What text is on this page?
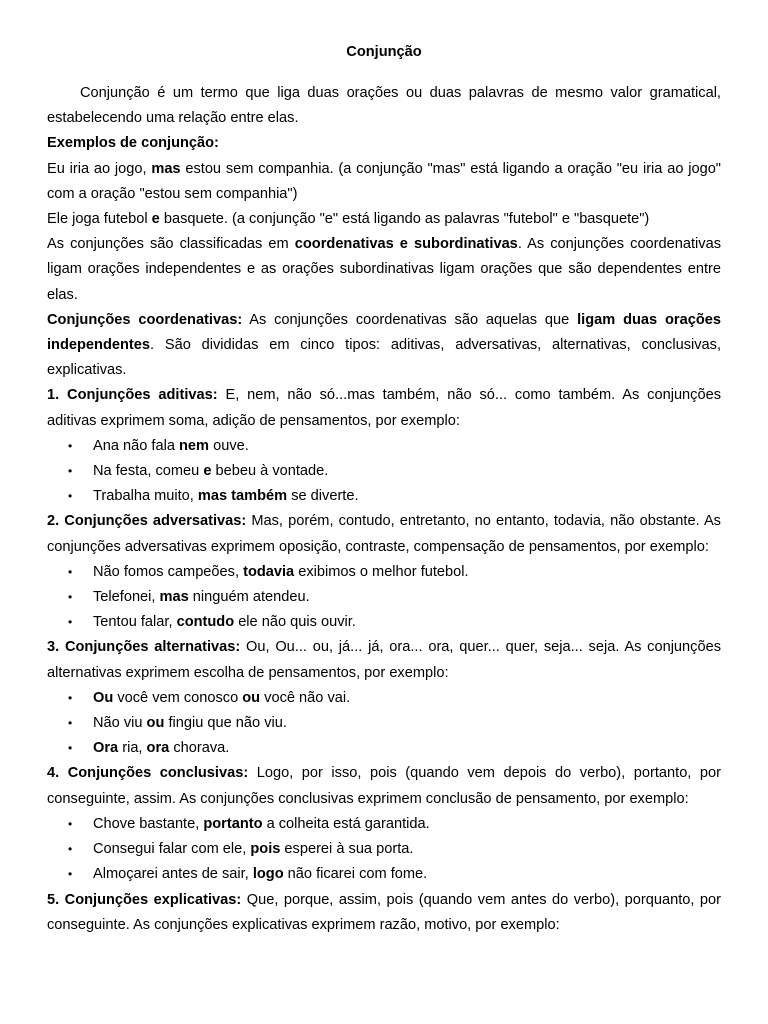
Conjunção

Conjunção é um termo que liga duas orações ou duas palavras de mesmo valor gramatical, estabelecendo uma relação entre elas.

Exemplos de conjunção:

Eu iria ao jogo, mas estou sem companhia. (a conjunção "mas" está ligando a oração "eu iria ao jogo" com a oração "estou sem companhia")

Ele joga futebol e basquete. (a conjunção "e" está ligando as palavras "futebol" e "basquete")

As conjunções são classificadas em coordenativas e subordinativas. As conjunções coordenativas ligam orações independentes e as orações subordinativas ligam orações que são dependentes entre elas.

Conjunções coordenativas: As conjunções coordenativas são aquelas que ligam duas orações independentes. São divididas em cinco tipos: aditivas, adversativas, alternativas, conclusivas, explicativas.

1. Conjunções aditivas: E, nem, não só...mas também, não só... como também. As conjunções aditivas exprimem soma, adição de pensamentos, por exemplo:

• Ana não fala nem ouve.
• Na festa, comeu e bebeu à vontade.
• Trabalha muito, mas também se diverte.

2. Conjunções adversativas: Mas, porém, contudo, entretanto, no entanto, todavia, não obstante. As conjunções adversativas exprimem oposição, contraste, compensação de pensamentos, por exemplo:

• Não fomos campeões, todavia exibimos o melhor futebol.
• Telefonei, mas ninguém atendeu.
• Tentou falar, contudo ele não quis ouvir.

3. Conjunções alternativas: Ou, Ou... ou, já... já, ora... ora, quer... quer, seja... seja. As conjunções alternativas exprimem escolha de pensamentos, por exemplo:

• Ou você vem conosco ou você não vai.
• Não viu ou fingiu que não viu.
• Ora ria, ora chorava.

4. Conjunções conclusivas: Logo, por isso, pois (quando vem depois do verbo), portanto, por conseguinte, assim. As conjunções conclusivas exprimem conclusão de pensamento, por exemplo:

• Chove bastante, portanto a colheita está garantida.
• Consegui falar com ele, pois esperei à sua porta.
• Almoçarei antes de sair, logo não ficarei com fome.

5. Conjunções explicativas: Que, porque, assim, pois (quando vem antes do verbo), porquanto, por conseguinte. As conjunções explicativas exprimem razão, motivo, por exemplo:
